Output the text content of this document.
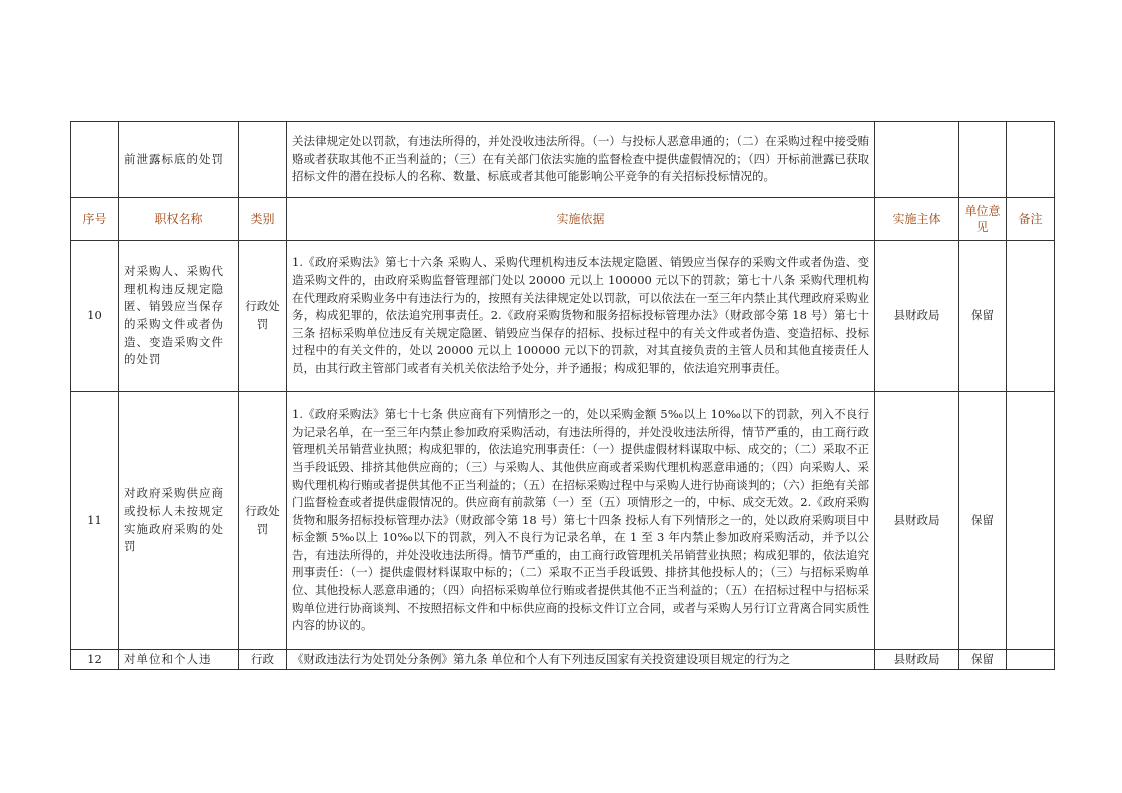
	前泄露标底的处罚		关法律规定处以罚款，有违法所得的，并处没收违法所得。（一）与投标人恶意串通的；（二）在采购过程中接受贿赂或者获取其他不正当利益的；（三）在有关部门依法实施的监督检查中提供虚假情况的；（四）开标前泄露已获取招标文件的潜在投标人的名称、数量、标底或者其他可能影响公平竞争的有关招标投标情况的。			
序号	职权名称	类别	实施依据	实施主体	单位意见	备注
10	对采购人、采购代理机构违反规定隐匿、销毁应当保存的采购文件或者伪造、变造采购文件的处罚	行政处罚	1.《政府采购法》第七十六条 采购人、采购代理机构违反本法规定隐匿、销毁应当保存的采购文件或者伪造、变造采购文件的，由政府采购监督管理部门处以 20000 元以上 100000 元以下的罚款；第七十八条 采购代理机构在代理政府采购业务中有违法行为的，按照有关法律规定处以罚款，可以依法在一至三年内禁止其代理政府采购业务，构成犯罪的，依法追究刑事责任。2.《政府采购货物和服务招标投标管理办法》（财政部令第 18 号）第七十三条 招标采购单位违反有关规定隐匿、销毁应当保存的招标、投标过程中的有关文件或者伪造、变造招标、投标过程中的有关文件的，处以 20000 元以上 100000 元以下的罚款，对其直接负责的主管人员和其他直接责任人员，由其行政主管部门或者有关机关依法给予处分，并予通报；构成犯罪的，依法追究刑事责任。	县财政局	保留	
11	对政府采购供应商或投标人未按规定实施政府采购的处罚	行政处罚	1.《政府采购法》第七十七条 供应商有下列情形之一的，处以采购金额 5‰以上 10‰以下的罚款，列入不良行为记录名单，在一至三年内禁止参加政府采购活动，有违法所得的，并处没收违法所得，情节严重的，由工商行政管理机关吊销营业执照；构成犯罪的，依法追究刑事责任：（一）提供虚假材料谋取中标、成交的；（二）采取不正当手段诋毁、排挤其他供应商的；（三）与采购人、其他供应商或者采购代理机构恶意串通的；（四）向采购人、采购代理机构行贿或者提供其他不正当利益的；（五）在招标采购过程中与采购人进行协商谈判的；（六）拒绝有关部门监督检查或者提供虚假情况的。供应商有前款第（一）至（五）项情形之一的，中标、成交无效。2.《政府采购货物和服务招标投标管理办法》（财政部令第 18 号）第七十四条 投标人有下列情形之一的，处以政府采购项目中标金额 5‰以上 10‰以下的罚款，列入不良行为记录名单，在 1 至 3 年内禁止参加政府采购活动，并予以公告，有违法所得的，并处没收违法所得。情节严重的，由工商行政管理机关吊销营业执照；构成犯罪的，依法追究刑事责任：（一）提供虚假材料谋取中标的；（二）采取不正当手段诋毁、排挤其他投标人的；（三）与招标采购单位、其他投标人恶意串通的；（四）向招标采购单位行贿或者提供其他不正当利益的；（五）在招标过程中与招标采购单位进行协商谈判、不按照招标文件和中标供应商的投标文件订立合同，或者与采购人另行订立背离合同实质性内容的协议的。	县财政局	保留	
12	对单位和个人违	行政	《财政违法行为处罚处分条例》第九条 单位和个人有下列违反国家有关投资建设项目规定的行为之	县财政局	保留	
